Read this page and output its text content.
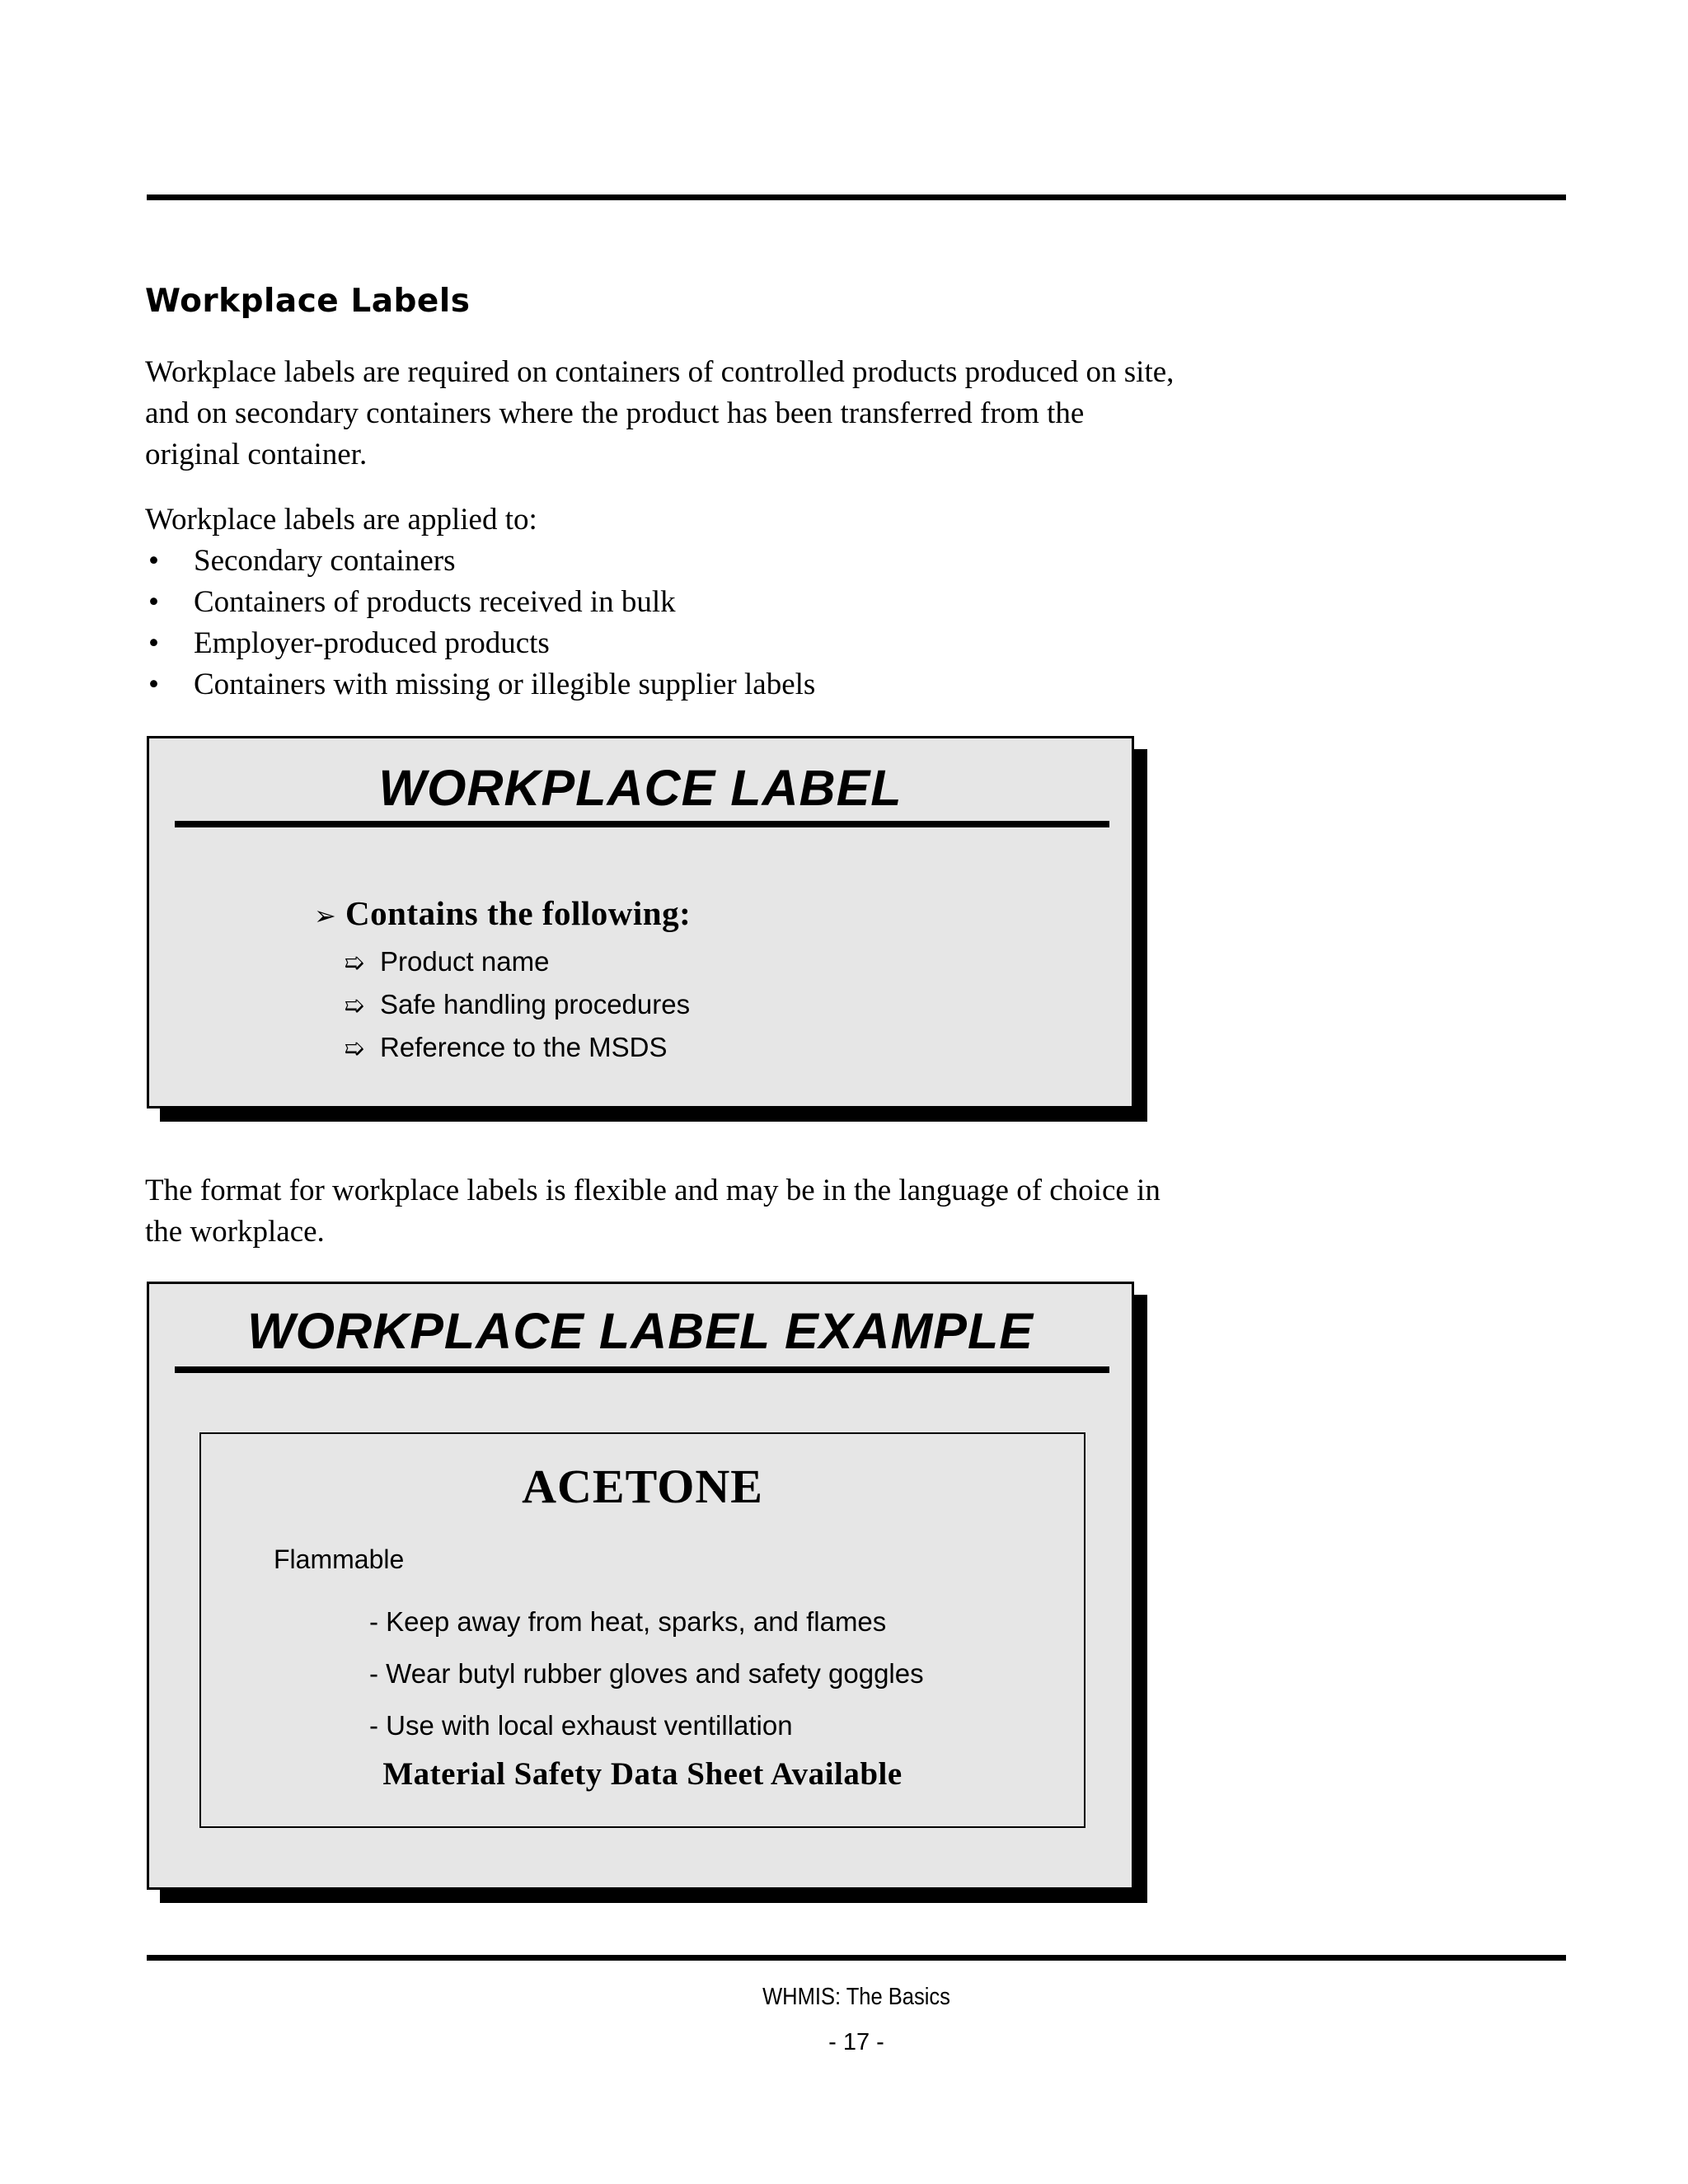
Workplace Labels

Workplace labels are required on containers of controlled products produced on site, and on secondary containers where the product has been transferred from the original container.

Workplace labels are applied to:

• Secondary containers
• Containers of products received in bulk
• Employer-produced products
• Containers with missing or illegible supplier labels
WORKPLACE LABEL
➢ Contains the following:
➯ Product name
➯ Safe handling procedures
➯ Reference to the MSDS

The format for workplace labels is flexible and may be in the language of choice in the workplace.

WORKPLACE LABEL EXAMPLE
ACETONE
Flammable
- Keep away from heat, sparks, and flames
- Wear butyl rubber gloves and safety goggles
- Use with local exhaust ventillation
Material Safety Data Sheet Available
WHMIS: The Basics
- 17 -
